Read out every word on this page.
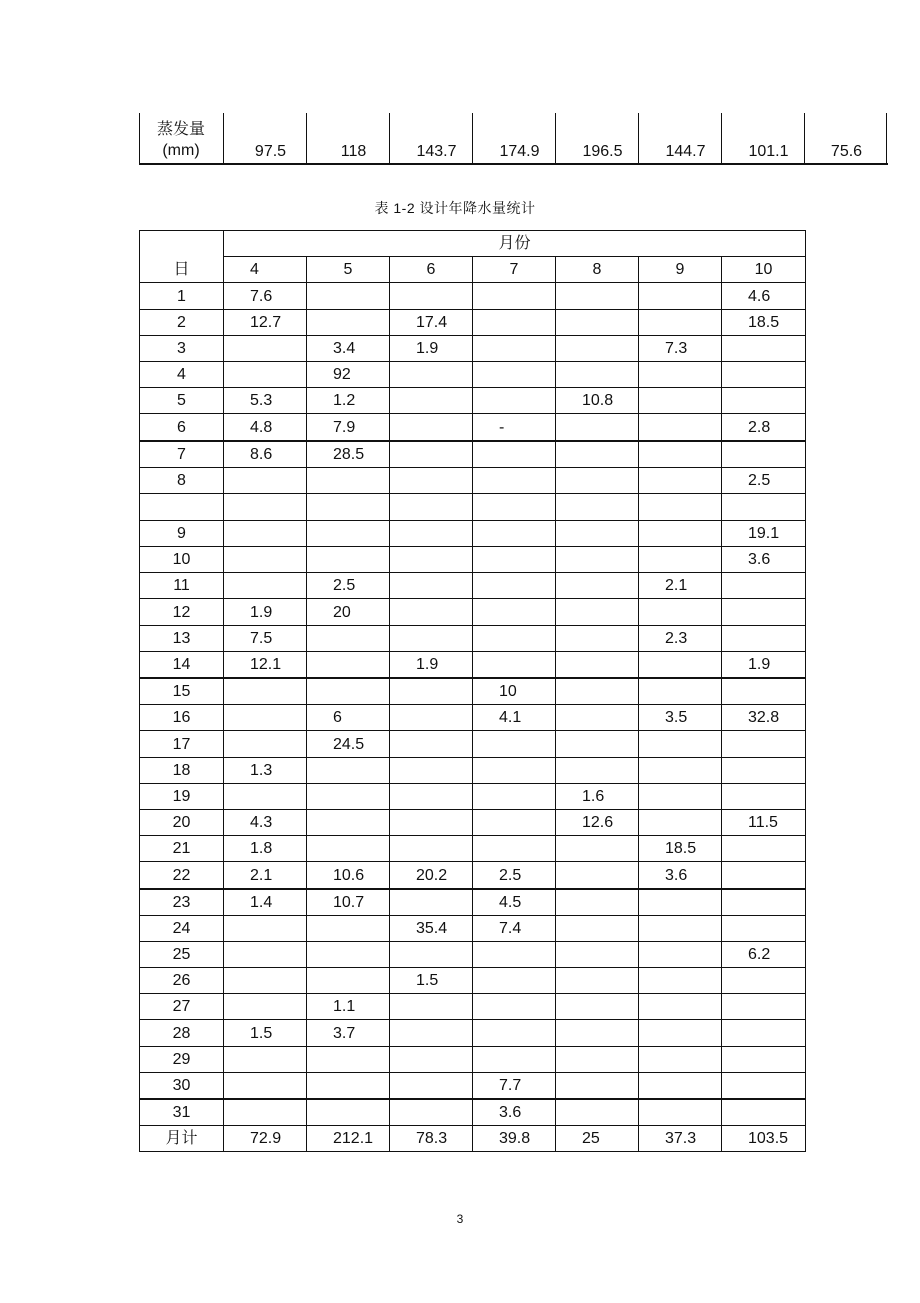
蒸发量
(mm)	97.5	118	143.7	174.9	196.5	144.7	101.1	75.6
表 1-2 设计年降水量统计
	月份						
日	4	5	6	7	8	9	10
1	7.6						4.6
2	12.7		17.4				18.5
3		3.4	1.9			7.3	
4		92					
5	5.3	1.2			10.8		
6	4.8	7.9		-			2.8
7	8.6	28.5					
8							2.5

9							19.1
10							3.6
11		2.5				2.1	
12	1.9	20					
13	7.5					2.3	
14	12.1		1.9				1.9
15				10			
16		6		4.1		3.5	32.8
17		24.5					
18	1.3						
19					1.6		
20	4.3				12.6		11.5
21	1.8					18.5	
22	2.1	10.6	20.2	2.5		3.6	
23	1.4	10.7		4.5			
24			35.4	7.4			
25							6.2
26			1.5				
27		1.1					
28	1.5	3.7					
29							
30				7.7			
31				3.6			
月计	72.9	212.1	78.3	39.8	25	37.3	103.5
3
